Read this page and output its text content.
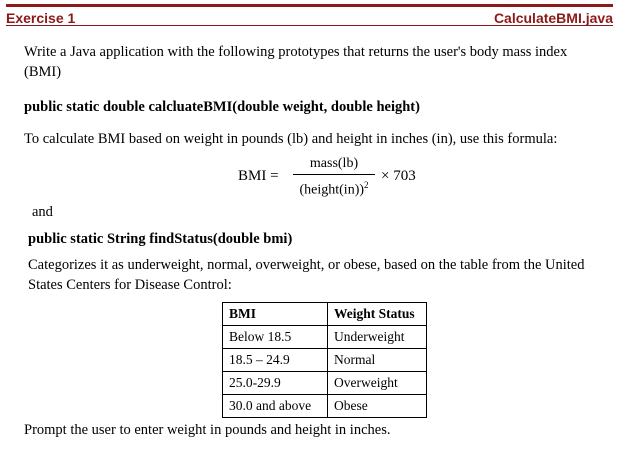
Exercise 1	CalculateBMI.java

Write a Java application with the following prototypes that returns the user's body mass index (BMI)

public static double calcluateBMI(double weight, double height)

To calculate BMI based on weight in pounds (lb) and height in inches (in), use this formula:

BMI =
mass(lb)
(height(in))$^2$
× 703

and

public static String findStatus(double bmi)

Categorizes it as underweight, normal, overweight, or obese, based on the table from the United States Centers for Disease Control:

BMI	Weight Status
Below 18.5	Underweight
18.5 – 24.9	Normal
25.0-29.9	Overweight
30.0 and above	Obese

Prompt the user to enter weight in pounds and height in inches.
